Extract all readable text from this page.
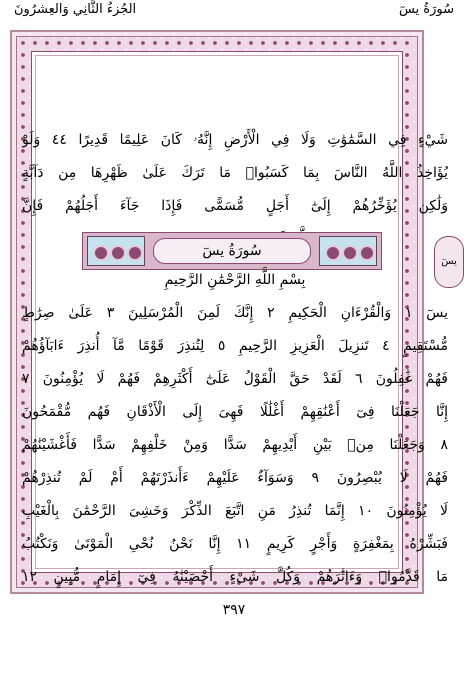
سُورَةُ يسٓ
الجُزءُ الثَّانِي وَالعِشرُونَ
شَيْءٍ فِي السَّمَٰوَٰتِ وَلَا فِي الْأَرْضِ إِنَّهُۥ كَانَ عَلِيمًا قَدِيرًا ٤٤ وَلَوْ
يُؤَاخِذُ اللَّهُ النَّاسَ بِمَا كَسَبُوا۟ مَا تَرَكَ عَلَىٰ ظَهْرِهَا مِن دَآبَّةٍ
وَلَٰكِن يُؤَخِّرُهُمْ إِلَىٰٓ أَجَلٍ مُّسَمًّى فَإِذَا جَآءَ أَجَلُهُمْ فَإِنَّ
سُورَةُ يسٓ
بِسْمِ اللَّهِ الرَّحْمَٰنِ الرَّحِيمِ
يسٓ ١ وَالْقُرْءَانِ الْحَكِيمِ ٢ إِنَّكَ لَمِنَ الْمُرْسَلِينَ ٣ عَلَىٰ صِرَٰطٍ
مُّسْتَقِيمٍ ٤ تَنزِيلَ الْعَزِيزِ الرَّحِيمِ ٥ لِتُنذِرَ قَوْمًا مَّآ أُنذِرَ ءَابَآؤُهُمْ
فَهُمْ غَٰفِلُونَ ٦ لَقَدْ حَقَّ الْقَوْلُ عَلَىٰٓ أَكْثَرِهِمْ فَهُمْ لَا يُؤْمِنُونَ ٧
إِنَّا جَعَلْنَا فِىٓ أَعْنَٰقِهِمْ أَغْلَٰلًا فَهِىَ إِلَى الْأَذْقَانِ فَهُم مُّقْمَحُونَ
٨ وَجَعَلْنَا مِنۢ بَيْنِ أَيْدِيهِمْ سَدًّا وَمِنْ خَلْفِهِمْ سَدًّا فَأَغْشَيْنَٰهُمْ
فَهُمْ لَا يُبْصِرُونَ ٩ وَسَوَآءٌ عَلَيْهِمْ ءَأَنذَرْتَهُمْ أَمْ لَمْ تُنذِرْهُمْ
لَا يُؤْمِنُونَ ١٠ إِنَّمَا تُنذِرُ مَنِ اتَّبَعَ الذِّكْرَ وَخَشِىَ الرَّحْمَٰنَ بِالْغَيْبِ
فَبَشِّرْهُ بِمَغْفِرَةٍ وَأَجْرٍ كَرِيمٍ ١١ إِنَّا نَحْنُ نُحْىِ الْمَوْتَىٰ وَنَكْتُبُ
مَا قَدَّمُوا۟ وَءَاثَٰرَهُمْ وَكُلَّ شَىْءٍ أَحْصَيْنَٰهُ فِىٓ إِمَامٍ مُّبِينٍ ١٢
يسٓ
٣٩٧
